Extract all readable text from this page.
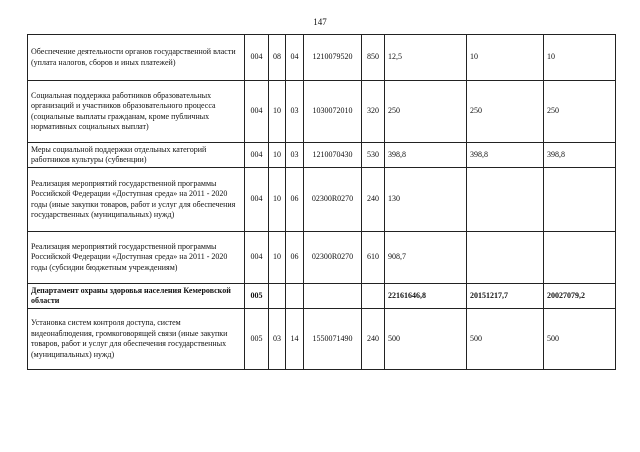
147
Обеспечение деятельности органов государственной власти (уплата налогов, сборов и иных платежей)	004	08	04	1210079520	850	12,5	10	10
Социальная поддержка работников образовательных организаций и участников образовательного процесса (социальные выплаты гражданам, кроме публичных нормативных социальных выплат)	004	10	03	1030072010	320	250	250	250
Меры социальной поддержки отдельных категорий работников культуры (субвенции)	004	10	03	1210070430	530	398,8	398,8	398,8
Реализация мероприятий государственной программы Российской Федерации «Доступная среда» на 2011 - 2020 годы (иные закупки товаров, работ и услуг для обеспечения государственных (муниципальных) нужд)	004	10	06	02300R0270	240	130		
Реализация мероприятий государственной программы Российской Федерации «Доступная среда» на 2011 - 2020 годы (субсидии бюджетным учреждениям)	004	10	06	02300R0270	610	908,7		
Департамент охраны здоровья населения Кемеровской области	005					22161646,8	20151217,7	20027079,2
Установка систем контроля доступа, систем видеонаблюдения, громкоговорящей связи (иные закупки товаров, работ и услуг для обеспечения государственных (муниципальных) нужд)	005	03	14	1550071490	240	500	500	500
